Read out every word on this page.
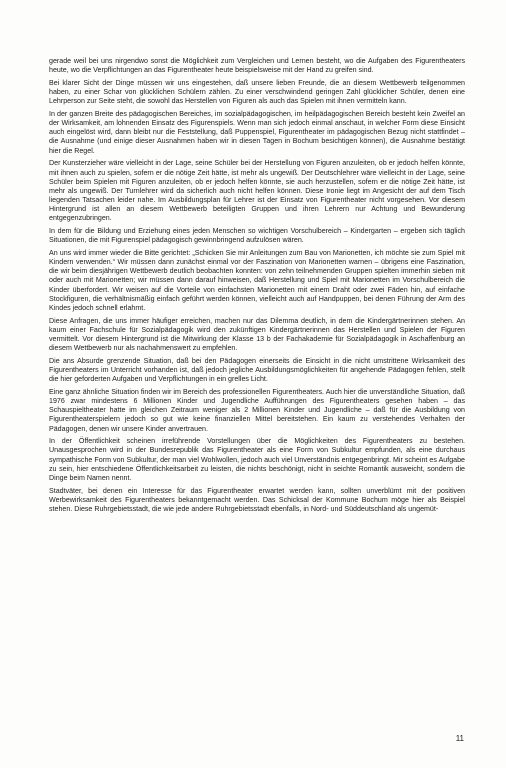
gerade weil bei uns nirgendwo sonst die Möglichkeit zum Vergleichen und Lernen besteht, wo die Aufgaben des Figurentheaters heute, wo die Verpflichtungen an das Figurentheater heute beispielsweise mit der Hand zu greifen sind.

Bei klarer Sicht der Dinge müssen wir uns eingestehen, daß unsere lieben Freunde, die an diesem Wettbewerb teilgenommen haben, zu einer Schar von glücklichen Schülern zählen. Zu einer verschwindend geringen Zahl glücklicher Schüler, denen eine Lehrperson zur Seite steht, die sowohl das Herstellen von Figuren als auch das Spielen mit ihnen vermitteln kann.

In der ganzen Breite des pädagogischen Bereiches, im sozialpädagogischen, im heilpädagogischen Bereich besteht kein Zweifel an der Wirksamkeit, am lohnenden Einsatz des Figurenspiels. Wenn man sich jedoch einmal anschaut, in welcher Form diese Einsicht auch eingelöst wird, dann bleibt nur die Feststellung, daß Puppenspiel, Figurentheater im pädagogischen Bezug nicht stattfindet – die Ausnahme (und einige dieser Ausnahmen haben wir in diesen Tagen in Bochum besichtigen können), die Ausnahme bestätigt hier die Regel.

Der Kunsterzieher wäre vielleicht in der Lage, seine Schüler bei der Herstellung von Figuren anzuleiten, ob er jedoch helfen könnte, mit ihnen auch zu spielen, sofern er die nötige Zeit hätte, ist mehr als ungewiß. Der Deutschlehrer wäre vielleicht in der Lage, seine Schüler beim Spielen mit Figuren anzuleiten, ob er jedoch helfen könnte, sie auch herzustellen, sofern er die nötige Zeit hätte, ist mehr als ungewiß. Der Turnlehrer wird da sicherlich auch nicht helfen können. Diese Ironie liegt im Angesicht der auf dem Tisch liegenden Tatsachen leider nahe. Im Ausbildungsplan für Lehrer ist der Einsatz von Figurentheater nicht vorgesehen. Vor diesem Hintergrund ist allen an diesem Wettbewerb beteiligten Gruppen und ihren Lehrern nur Achtung und Bewunderung entgegenzubringen.

In dem für die Bildung und Erziehung eines jeden Menschen so wichtigen Vorschulbereich – Kindergarten – ergeben sich täglich Situationen, die mit Figurenspiel pädagogisch gewinnbringend aufzulösen wären.

An uns wird immer wieder die Bitte gerichtet: „Schicken Sie mir Anleitungen zum Bau von Marionetten, ich möchte sie zum Spiel mit Kindern verwenden.“ Wir müssen dann zunächst einmal vor der Faszination von Marionetten warnen – übrigens eine Faszination, die wir beim diesjährigen Wettbewerb deutlich beobachten konnten: von zehn teilnehmenden Gruppen spielten immerhin sieben mit oder auch mit Marionetten; wir müssen dann darauf hinweisen, daß Herstellung und Spiel mit Marionetten im Vorschulbereich die Kinder überfordert. Wir weisen auf die Vorteile von einfachsten Marionetten mit einem Draht oder zwei Fäden hin, auf einfache Stockfiguren, die verhältnismäßig einfach geführt werden können, vielleicht auch auf Handpuppen, bei denen Führung der Arm des Kindes jedoch schnell erlahmt.

Diese Anfragen, die uns immer häufiger erreichen, machen nur das Dilemma deutlich, in dem die Kindergärtnerinnen stehen. An kaum einer Fachschule für Sozialpädagogik wird den zukünftigen Kindergärtnerinnen das Herstellen und Spielen der Figuren vermittelt. Vor diesem Hintergrund ist die Mitwirkung der Klasse 13 b der Fachakademie für Sozialpädagogik in Aschaffenburg an diesem Wettbewerb nur als nachahmenswert zu empfehlen.

Die ans Absurde grenzende Situation, daß bei den Pädagogen einerseits die Einsicht in die nicht umstrittene Wirksamkeit des Figurentheaters im Unterricht vorhanden ist, daß jedoch jegliche Ausbildungsmöglichkeiten für angehende Pädagogen fehlen, stellt die hier geforderten Aufgaben und Verpflichtungen in ein grelles Licht.

Eine ganz ähnliche Situation finden wir im Bereich des professionellen Figurentheaters. Auch hier die unverständliche Situation, daß 1976 zwar mindestens 6 Millionen Kinder und Jugendliche Aufführungen des Figurentheaters gesehen haben – das Schauspieltheater hatte im gleichen Zeitraum weniger als 2 Millionen Kinder und Jugendliche – daß für die Ausbildung von Figurentheaterspielern jedoch so gut wie keine finanziellen Mittel bereitstehen. Ein kaum zu verstehendes Verhalten der Pädagogen, denen wir unsere Kinder anvertrauen.

In der Öffentlichkeit scheinen irreführende Vorstellungen über die Möglichkeiten des Figurentheaters zu bestehen. Unausgesprochen wird in der Bundesrepublik das Figurentheater als eine Form von Subkultur empfunden, als eine durchaus sympathische Form von Subkultur, der man viel Wohlwollen, jedoch auch viel Unverständnis entgegenbringt. Mir scheint es Aufgabe zu sein, hier entschiedene Öffentlichkeitsarbeit zu leisten, die nichts beschönigt, nicht in seichte Romantik ausweicht, sondern die Dinge beim Namen nennt.

Stadtväter, bei denen ein Interesse für das Figurentheater erwartet werden kann, sollten unverblümt mit der positiven Werbewirksamkeit des Figurentheaters bekanntgemacht werden. Das Schicksal der Kommune Bochum möge hier als Beispiel stehen. Diese Ruhrgebietsstadt, die wie jede andere Ruhrgebietsstadt ebenfalls, in Nord- und Süddeutschland als ungemüt-

11
